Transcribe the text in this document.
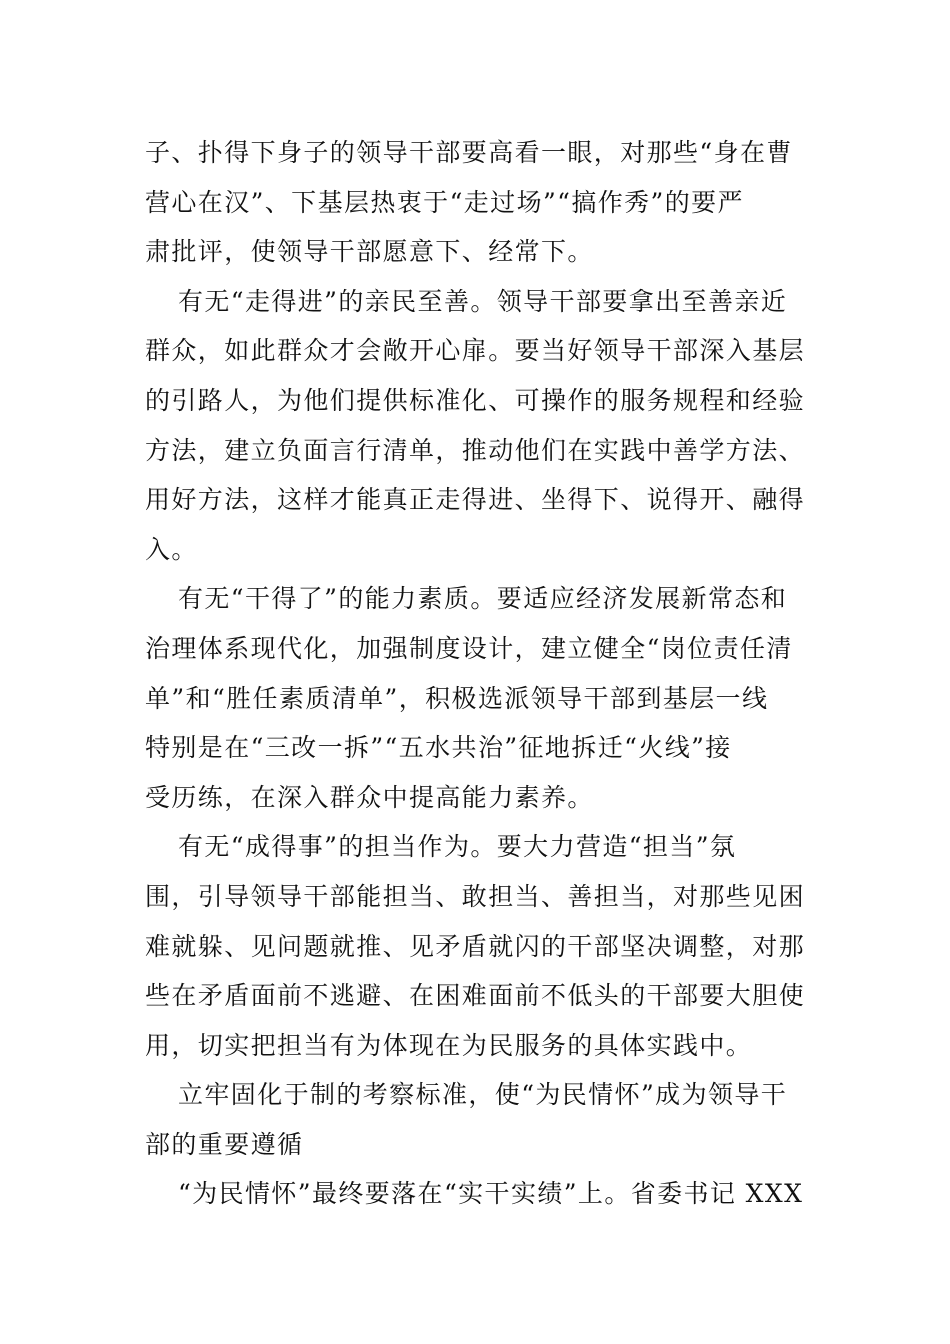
子、扑得下身子的领导干部要高看一眼，对那些“身在曹
营心在汉”、下基层热衷于“走过场”“搞作秀”的要严
肃批评，使领导干部愿意下、经常下。
有无“走得进”的亲民至善。领导干部要拿出至善亲近
群众，如此群众才会敞开心扉。要当好领导干部深入基层
的引路人，为他们提供标准化、可操作的服务规程和经验
方法，建立负面言行清单，推动他们在实践中善学方法、
用好方法，这样才能真正走得进、坐得下、说得开、融得
入。
有无“干得了”的能力素质。要适应经济发展新常态和
治理体系现代化，加强制度设计，建立健全“岗位责任清
单”和“胜任素质清单”，积极选派领导干部到基层一线
特别是在“三改一拆”“五水共治”征地拆迁“火线”接
受历练，在深入群众中提高能力素养。
有无“成得事”的担当作为。要大力营造“担当”氛
围，引导领导干部能担当、敢担当、善担当，对那些见困
难就躲、见问题就推、见矛盾就闪的干部坚决调整，对那
些在矛盾面前不逃避、在困难面前不低头的干部要大胆使
用，切实把担当有为体现在为民服务的具体实践中。
立牢固化于制的考察标准，使“为民情怀”成为领导干
部的重要遵循
“为民情怀”最终要落在“实干实绩”上。省委书记 XXX
